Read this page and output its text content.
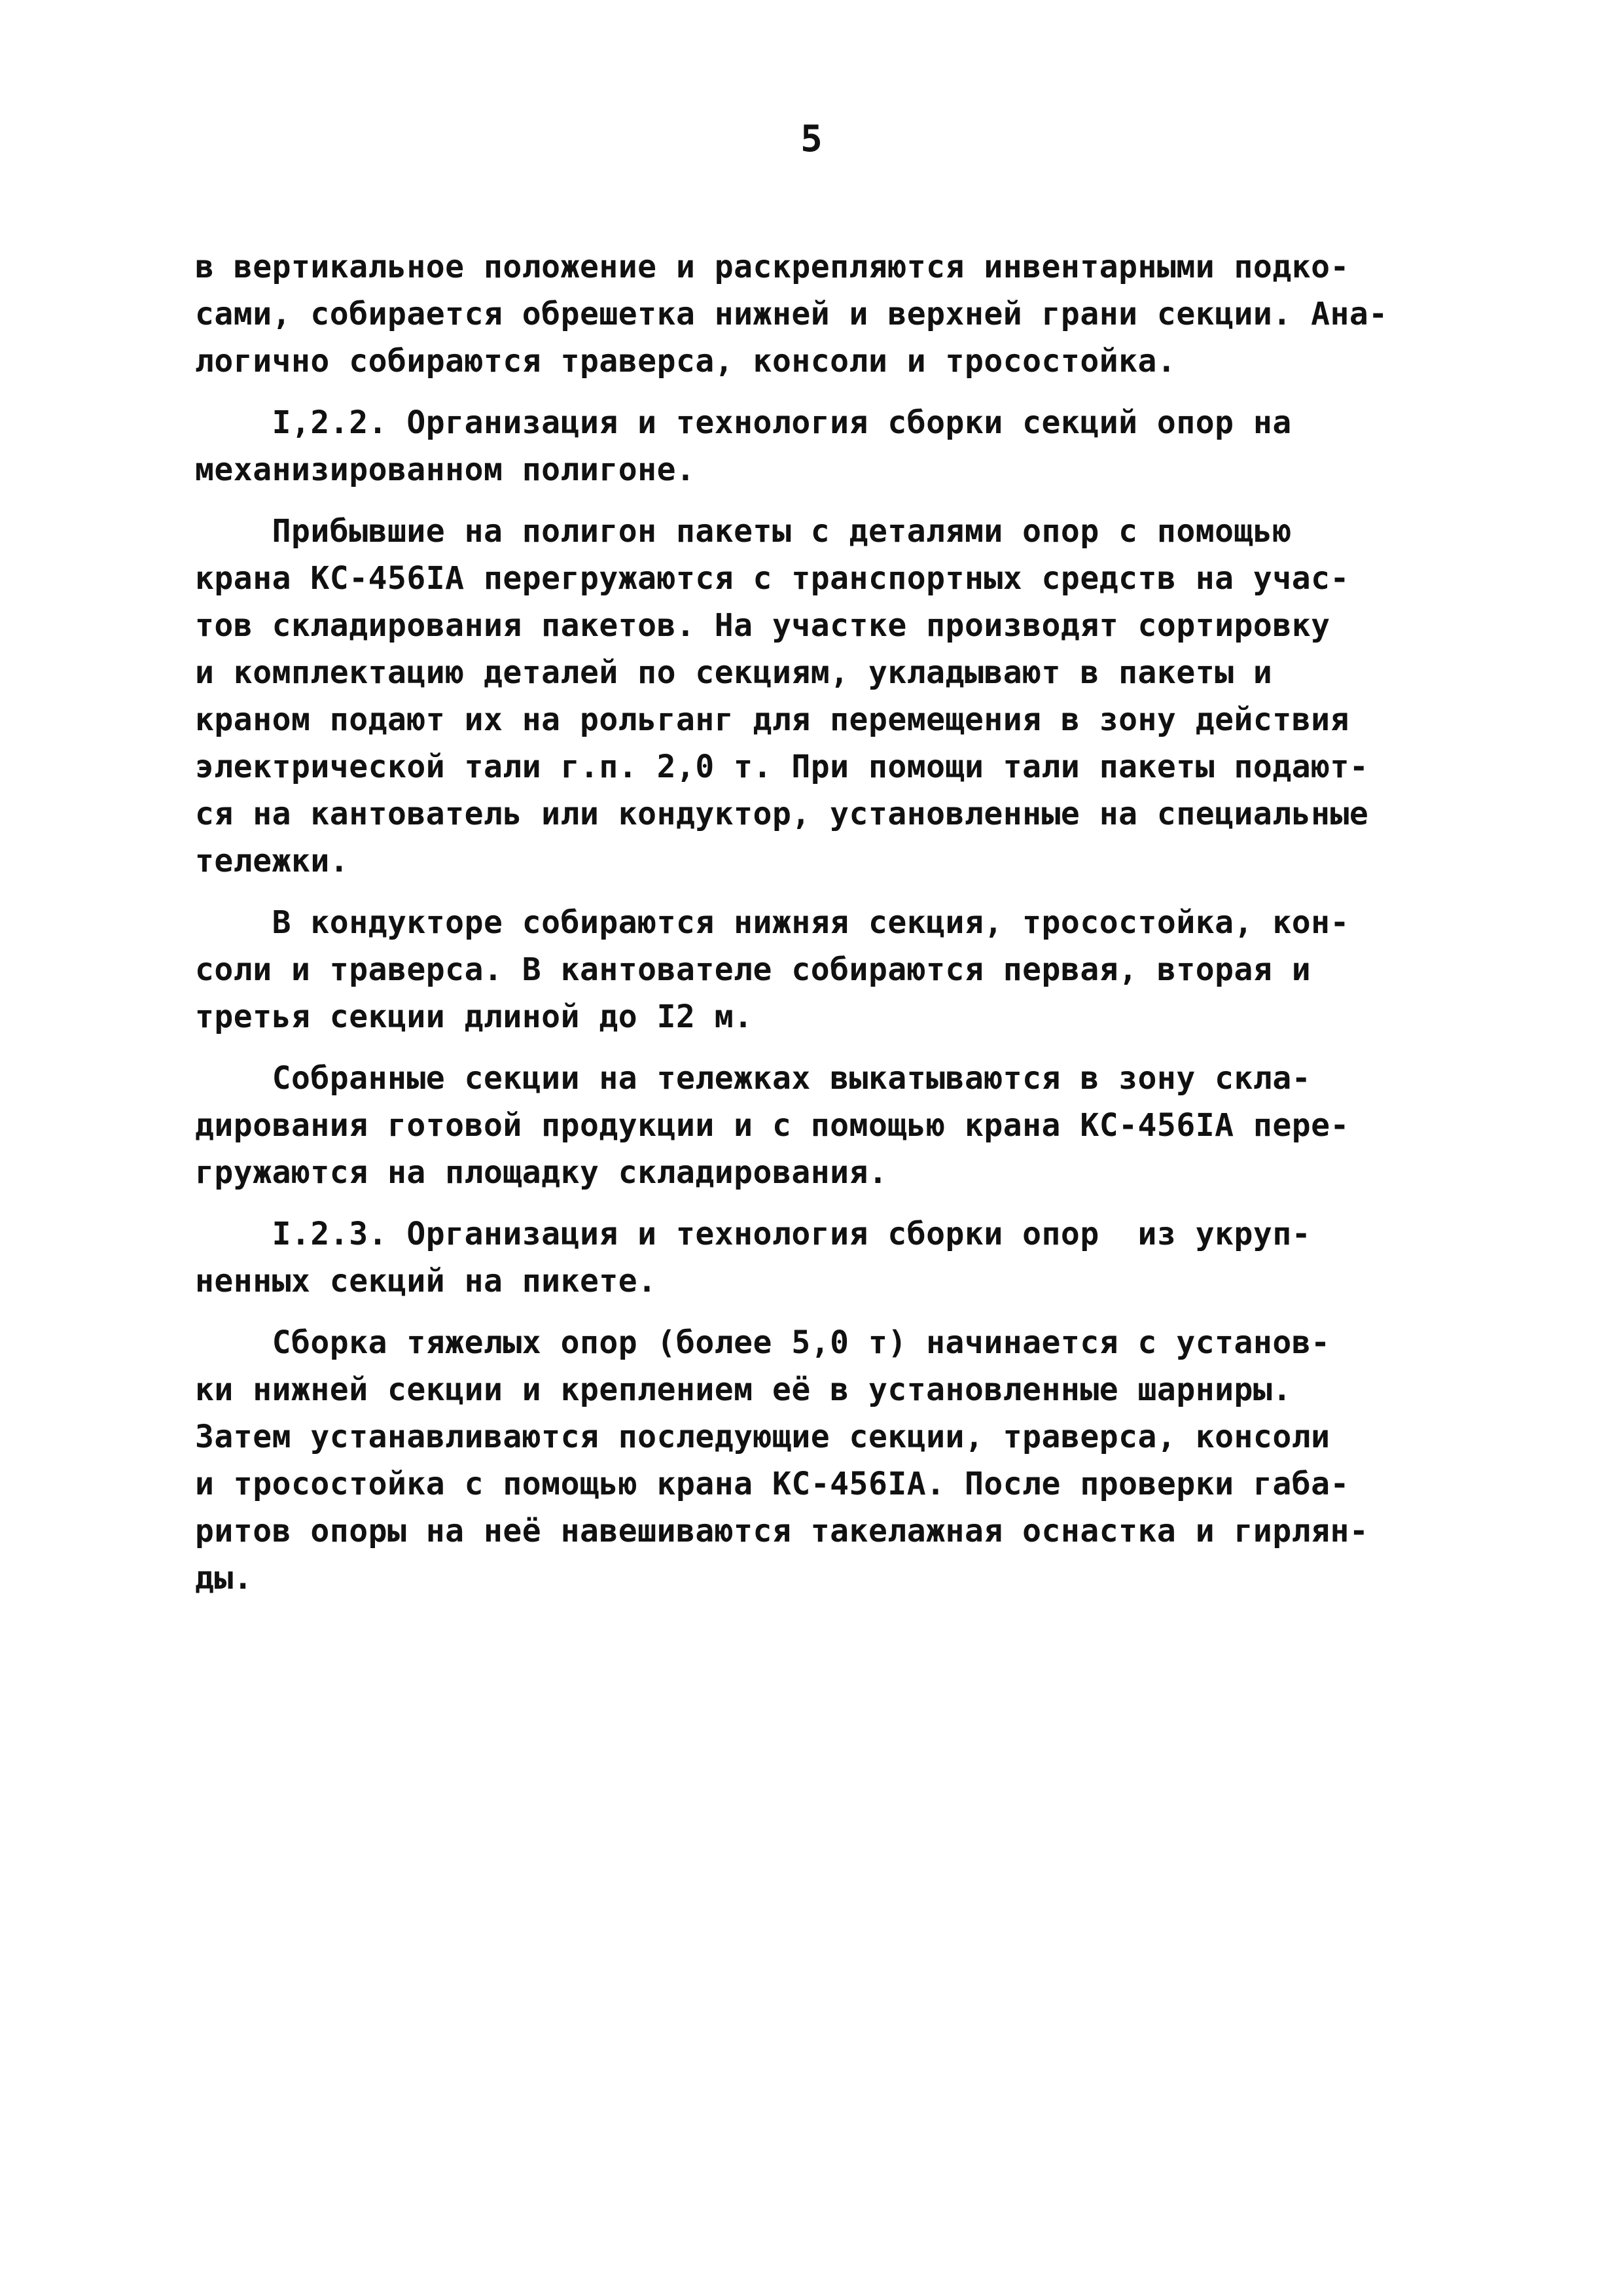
5
в вертикальное положение и раскрепляются инвентарными подко-
сами, собирается обрешетка нижней и верхней грани секции. Ана-
логично собираются траверса, консоли и тросостойка.
I,2.2. Организация и технология сборки секций опор на
механизированном полигоне.
Прибывшие на полигон пакеты с деталями опор с помощью
крана КС-456IА перегружаются с транспортных средств на учас-
тов складирования пакетов. На участке производят сортировку
и комплектацию деталей по секциям, укладывают в пакеты и
краном подают их на рольганг для перемещения в зону действия
электрической тали г.п. 2,0 т. При помощи тали пакеты подают-
ся на кантователь или кондуктор, установленные на специальные
тележки.
В кондукторе собираются нижняя секция, тросостойка, кон-
соли и траверса. В кантователе собираются первая, вторая и
третья секции длиной до I2 м.
Собранные секции на тележках выкатываются в зону скла-
дирования готовой продукции и с помощью крана КС-456IА пере-
гружаются на площадку складирования.
I.2.3. Организация и технология сборки опор  из укруп-
ненных секций на пикете.
Сборка тяжелых опор (более 5,0 т) начинается с установ-
ки нижней секции и креплением её в установленные шарниры.
Затем устанавливаются последующие секции, траверса, консоли
и тросостойка с помощью крана КС-456IА. После проверки габа-
ритов опоры на неё навешиваются такелажная оснастка и гирлян-
ды.
